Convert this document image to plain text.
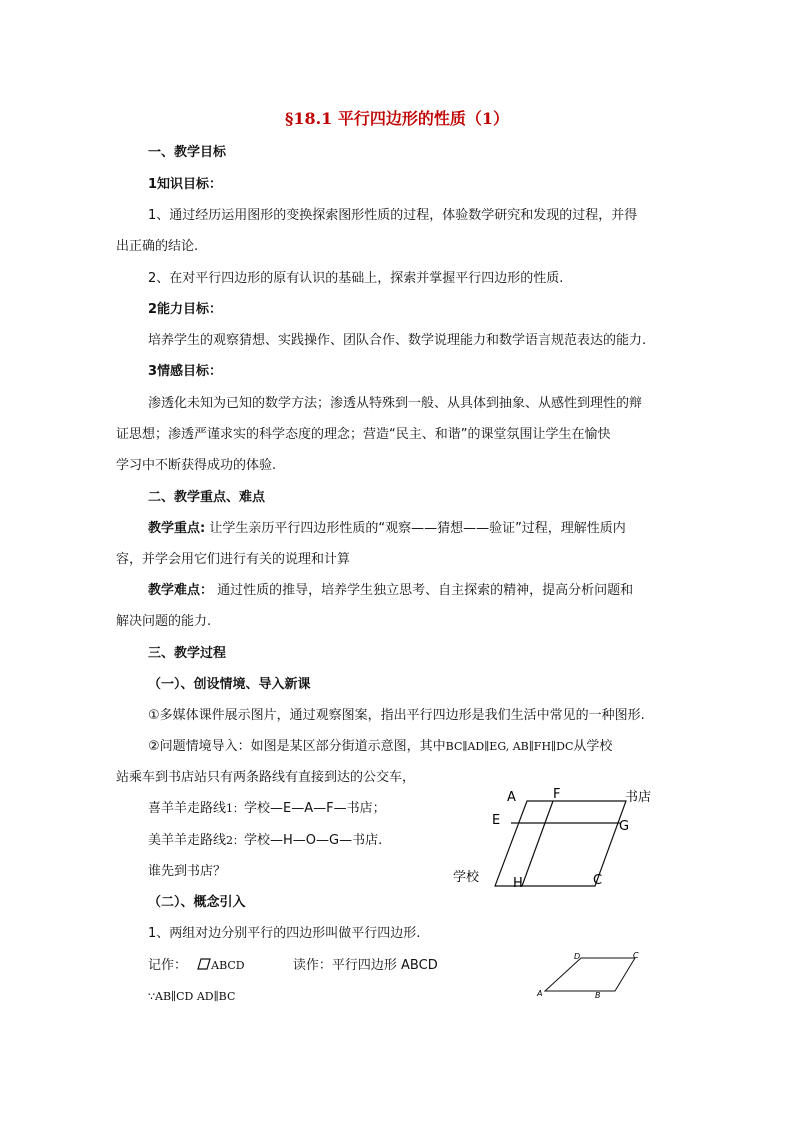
§18.1 平行四边形的性质（1）
一、教学目标
1知识目标：
1、通过经历运用图形的变换探索图形性质的过程，体验数学研究和发现的过程，并得
出正确的结论.
2、在对平行四边形的原有认识的基础上，探索并掌握平行四边形的性质.
2能力目标：
培养学生的观察猜想、实践操作、团队合作、数学说理能力和数学语言规范表达的能力.
3情感目标：
渗透化未知为已知的数学方法；渗透从特殊到一般、从具体到抽象、从感性到理性的辩
证思想；渗透严谨求实的科学态度的理念；营造“民主、和谐”的课堂氛围让学生在愉快
学习中不断获得成功的体验.
二、教学重点、难点
教学重点: 让学生亲历平行四边形性质的“观察——猜想——验证”过程，理解性质内
容，并学会用它们进行有关的说理和计算
教学难点： 通过性质的推导，培养学生独立思考、自主探索的精神，提高分析问题和
解决问题的能力.
三、教学过程
（一）、创设情境、导入新课
①多媒体课件展示图片，通过观察图案，指出平行四边形是我们生活中常见的一种图形.
②问题情境导入：如图是某区部分街道示意图，其中BC∥AD∥EG, AB∥FH∥DC从学校
站乘车到书店站只有两条路线有直接到达的公交车，
喜羊羊走路线1：学校—E—A—F—书店；
美羊羊走路线2：学校—H—O—G—书店.
谁先到书店？
（二）、概念引入
1、两组对边分别平行的四边形叫做平行四边形.
记作： ABCD	读作：平行四边形 ABCD
∵AB∥CD AD∥BC
A	F	书店
E	G
学校	H	C
A	B
C
D
